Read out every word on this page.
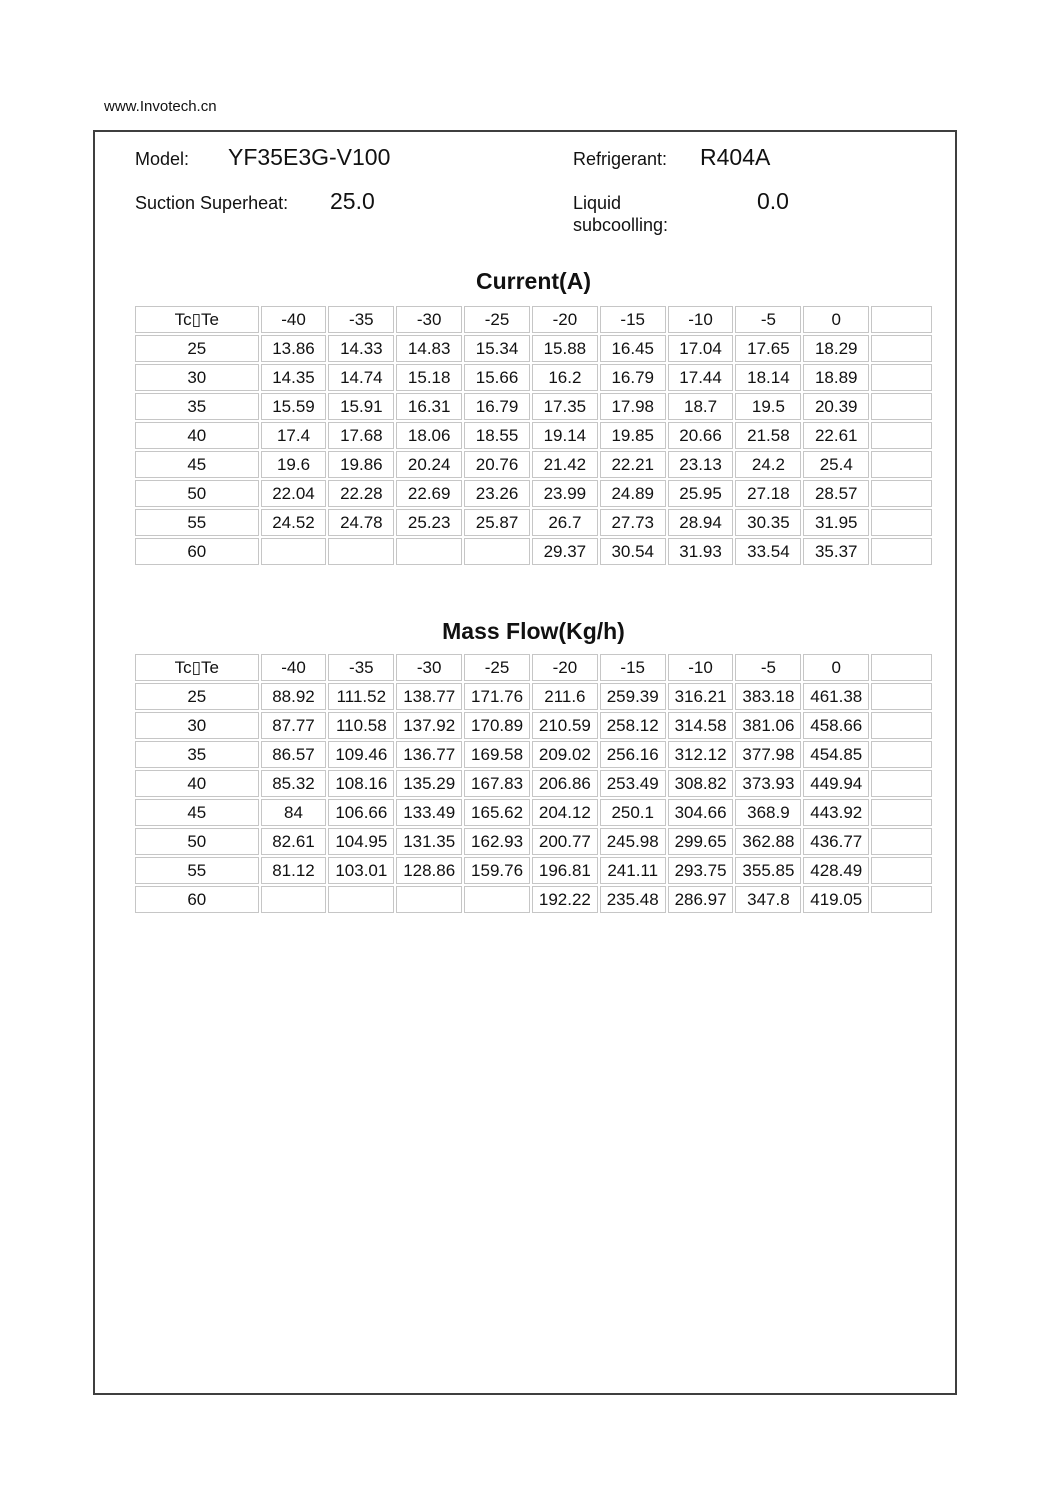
www.Invotech.cn
Model: YF35E3G-V100	Refrigerant: R404A
Suction Superheat: 25.0	Liquid subcoolling:
0.0
Current(A)
Tc▯Te	-40	-35	-30	-25	-20	-15	-10	-5	0	
25	13.86	14.33	14.83	15.34	15.88	16.45	17.04	17.65	18.29	
30	14.35	14.74	15.18	15.66	16.2	16.79	17.44	18.14	18.89	
35	15.59	15.91	16.31	16.79	17.35	17.98	18.7	19.5	20.39	
40	17.4	17.68	18.06	18.55	19.14	19.85	20.66	21.58	22.61	
45	19.6	19.86	20.24	20.76	21.42	22.21	23.13	24.2	25.4	
50	22.04	22.28	22.69	23.26	23.99	24.89	25.95	27.18	28.57	
55	24.52	24.78	25.23	25.87	26.7	27.73	28.94	30.35	31.95	
60					29.37	30.54	31.93	33.54	35.37	
Mass Flow(Kg/h)
Tc▯Te	-40	-35	-30	-25	-20	-15	-10	-5	0	
25	88.92	111.52	138.77	171.76	211.6	259.39	316.21	383.18	461.38	
30	87.77	110.58	137.92	170.89	210.59	258.12	314.58	381.06	458.66	
35	86.57	109.46	136.77	169.58	209.02	256.16	312.12	377.98	454.85	
40	85.32	108.16	135.29	167.83	206.86	253.49	308.82	373.93	449.94	
45	84	106.66	133.49	165.62	204.12	250.1	304.66	368.9	443.92	
50	82.61	104.95	131.35	162.93	200.77	245.98	299.65	362.88	436.77	
55	81.12	103.01	128.86	159.76	196.81	241.11	293.75	355.85	428.49	
60					192.22	235.48	286.97	347.8	419.05	
